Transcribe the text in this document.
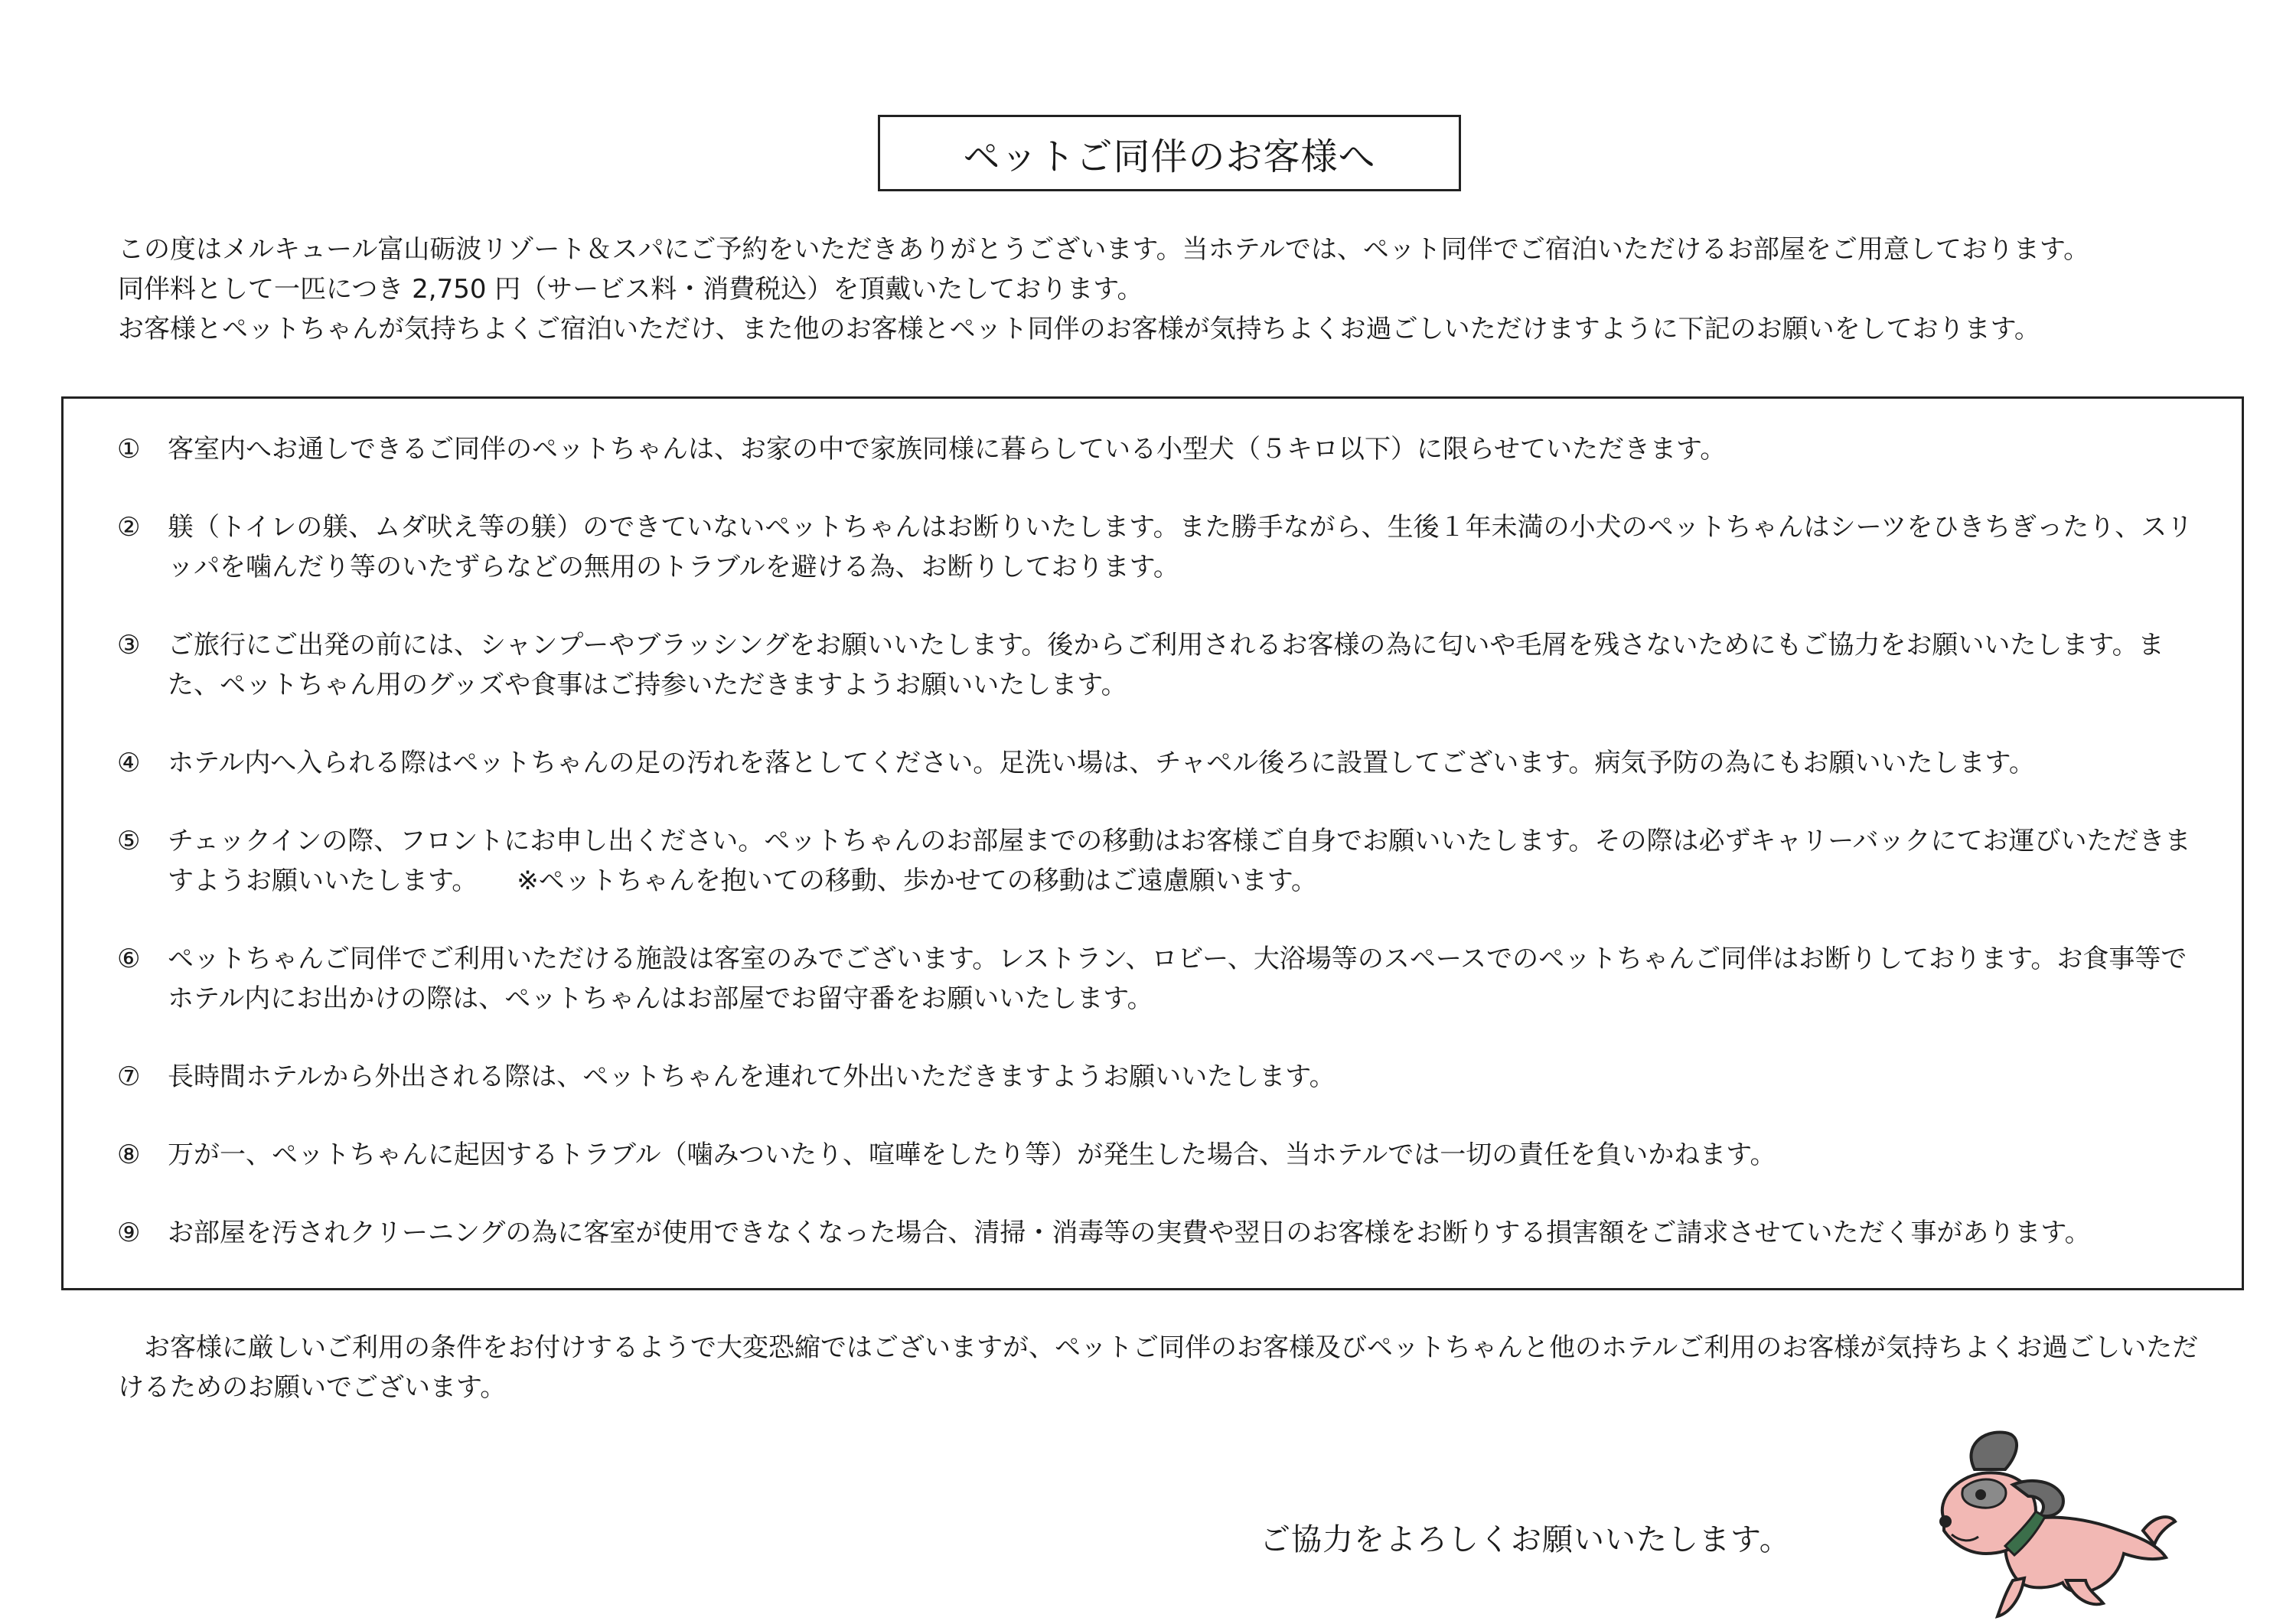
ペットご同伴のお客様へ

この度はメルキュール富山砺波リゾート＆スパにご予約をいただきありがとうございます。当ホテルでは、ペット同伴でご宿泊いただけるお部屋をご用意しております。

同伴料として一匹につき 2,750 円（サービス料・消費税込）を頂戴いたしております。

お客様とペットちゃんが気持ちよくご宿泊いただけ、また他のお客様とペット同伴のお客様が気持ちよくお過ごしいただけますように下記のお願いをしております。

① 客室内へお通しできるご同伴のペットちゃんは、お家の中で家族同様に暮らしている小型犬（５キロ以下）に限らせていただきます。
② 躾（トイレの躾、ムダ吠え等の躾）のできていないペットちゃんはお断りいたします。また勝手ながら、生後１年未満の小犬のペットちゃんはシーツをひきちぎったり、スリッパを噛んだり等のいたずらなどの無用のトラブルを避ける為、お断りしております。
③ ご旅行にご出発の前には、シャンプーやブラッシングをお願いいたします。後からご利用されるお客様の為に匂いや毛屑を残さないためにもご協力をお願いいたします。また、ペットちゃん用のグッズや食事はご持参いただきますようお願いいたします。
④ ホテル内へ入られる際はペットちゃんの足の汚れを落としてください。足洗い場は、チャペル後ろに設置してございます。病気予防の為にもお願いいたします。
⑤ チェックインの際、フロントにお申し出ください。ペットちゃんのお部屋までの移動はお客様ご自身でお願いいたします。その際は必ずキャリーバックにてお運びいただきますようお願いいたします。　　※ペットちゃんを抱いての移動、歩かせての移動はご遠慮願います。
⑥ ペットちゃんご同伴でご利用いただける施設は客室のみでございます。レストラン、ロビー、大浴場等のスペースでのペットちゃんご同伴はお断りしております。お食事等でホテル内にお出かけの際は、ペットちゃんはお部屋でお留守番をお願いいたします。
⑦ 長時間ホテルから外出される際は、ペットちゃんを連れて外出いただきますようお願いいたします。
⑧ 万が一、ペットちゃんに起因するトラブル（噛みついたり、喧嘩をしたり等）が発生した場合、当ホテルでは一切の責任を負いかねます。
⑨ お部屋を汚されクリーニングの為に客室が使用できなくなった場合、清掃・消毒等の実費や翌日のお客様をお断りする損害額をご請求させていただく事があります。

お客様に厳しいご利用の条件をお付けするようで大変恐縮ではございますが、ペットご同伴のお客様及びペットちゃんと他のホテルご利用のお客様が気持ちよくお過ごしいただけるためのお願いでございます。

ご協力をよろしくお願いいたします。
